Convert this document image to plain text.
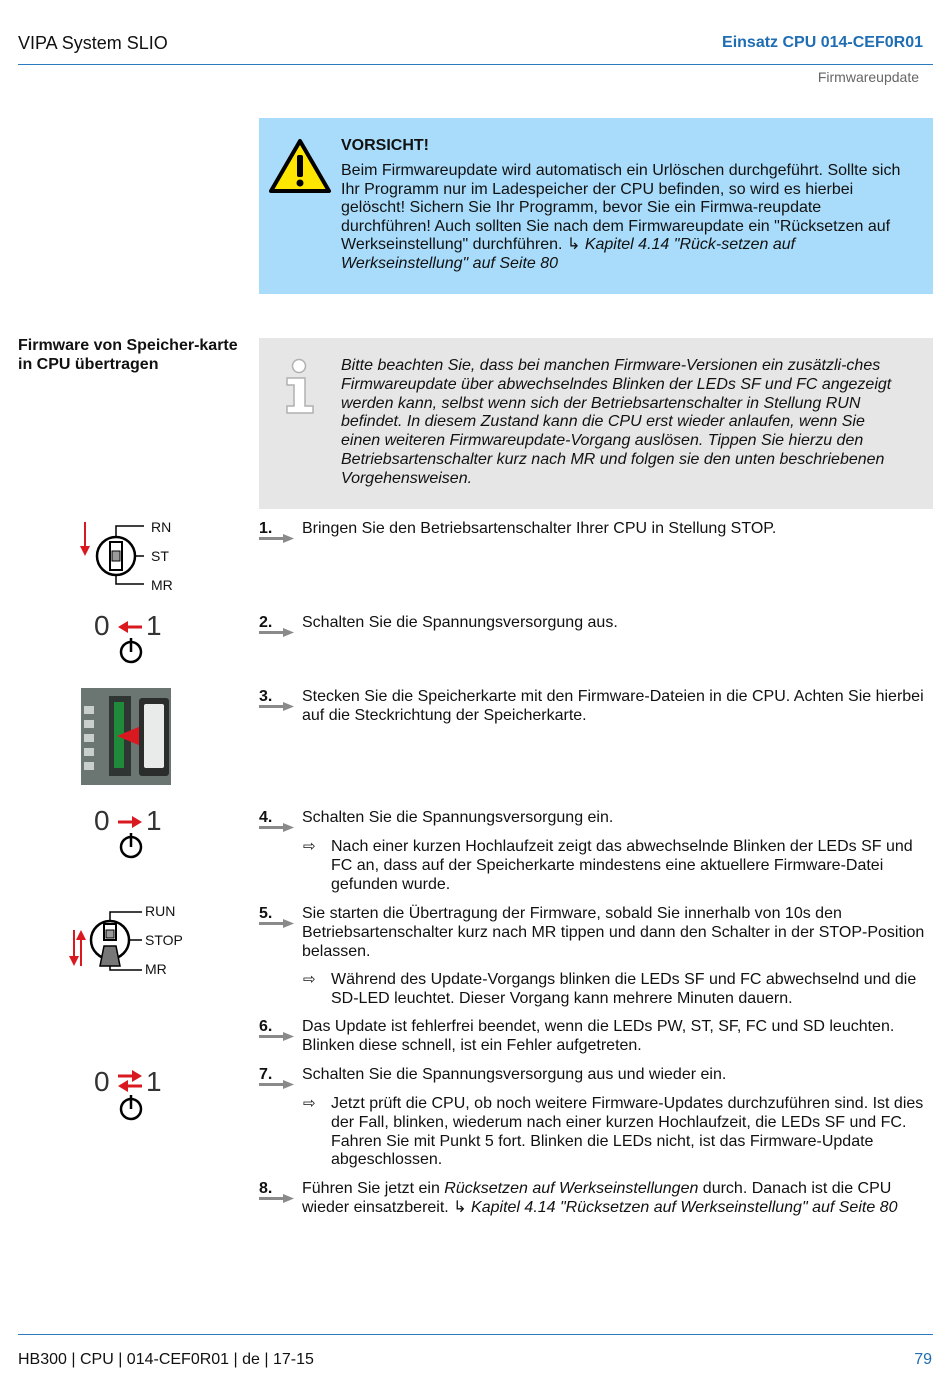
VIPA System SLIO	Einsatz CPU 014-CEF0R01
Firmwareupdate
VORSICHT!
Beim Firmwareupdate wird automatisch ein Urlöschen durchgeführt. Sollte sich Ihr Programm nur im Ladespeicher der CPU befinden, so wird es hierbei gelöscht! Sichern Sie Ihr Programm, bevor Sie ein Firmwa-reupdate durchführen! Auch sollten Sie nach dem Firmwareupdate ein "Rücksetzen auf Werkseinstellung" durchführen. ↳ Kapitel 4.14 "Rück-setzen auf Werkseinstellung" auf Seite 80
Firmware von Speicher-karte in CPU übertragen	Bitte beachten Sie, dass bei manchen Firmware-Versionen ein zusätzli-ches Firmwareupdate über abwechselndes Blinken der LEDs SF und FC angezeigt werden kann, selbst wenn sich der Betriebsartenschalter in Stellung RUN befindet. In diesem Zustand kann die CPU erst wieder anlaufen, wenn Sie einen weiteren Firmwareupdate-Vorgang auslösen. Tippen Sie hierzu den Betriebsartenschalter kurz nach MR und folgen sie den unten beschriebenen Vorgehensweisen.
RN
ST
MR
0 1
0 1
RUN
STOP
MR
0 1
1. Bringen Sie den Betriebsartenschalter Ihrer CPU in Stellung STOP.
2. Schalten Sie die Spannungsversorgung aus.
3. Stecken Sie die Speicherkarte mit den Firmware-Dateien in die CPU. Achten Sie hierbei auf die Steckrichtung der Speicherkarte.
4. Schalten Sie die Spannungsversorgung ein.
⇨ Nach einer kurzen Hochlaufzeit zeigt das abwechselnde Blinken der LEDs SF und FC an, dass auf der Speicherkarte mindestens eine aktuellere Firmware-Datei gefunden wurde.
5. Sie starten die Übertragung der Firmware, sobald Sie innerhalb von 10s den Betriebsartenschalter kurz nach MR tippen und dann den Schalter in der STOP-Position belassen.
⇨ Während des Update-Vorgangs blinken die LEDs SF und FC abwechselnd und die SD-LED leuchtet. Dieser Vorgang kann mehrere Minuten dauern.
6. Das Update ist fehlerfrei beendet, wenn die LEDs PW, ST, SF, FC und SD leuchten. Blinken diese schnell, ist ein Fehler aufgetreten.
7. Schalten Sie die Spannungsversorgung aus und wieder ein.
⇨ Jetzt prüft die CPU, ob noch weitere Firmware-Updates durchzuführen sind. Ist dies der Fall, blinken, wiederum nach einer kurzen Hochlaufzeit, die LEDs SF und FC. Fahren Sie mit Punkt 5 fort. Blinken die LEDs nicht, ist das Firmware-Update abgeschlossen.
8. Führen Sie jetzt ein Rücksetzen auf Werkseinstellungen durch. Danach ist die CPU wieder einsatzbereit. ↳ Kapitel 4.14 "Rücksetzen auf Werkseinstellung" auf Seite 80
HB300 | CPU | 014-CEF0R01 | de | 17-15	79
